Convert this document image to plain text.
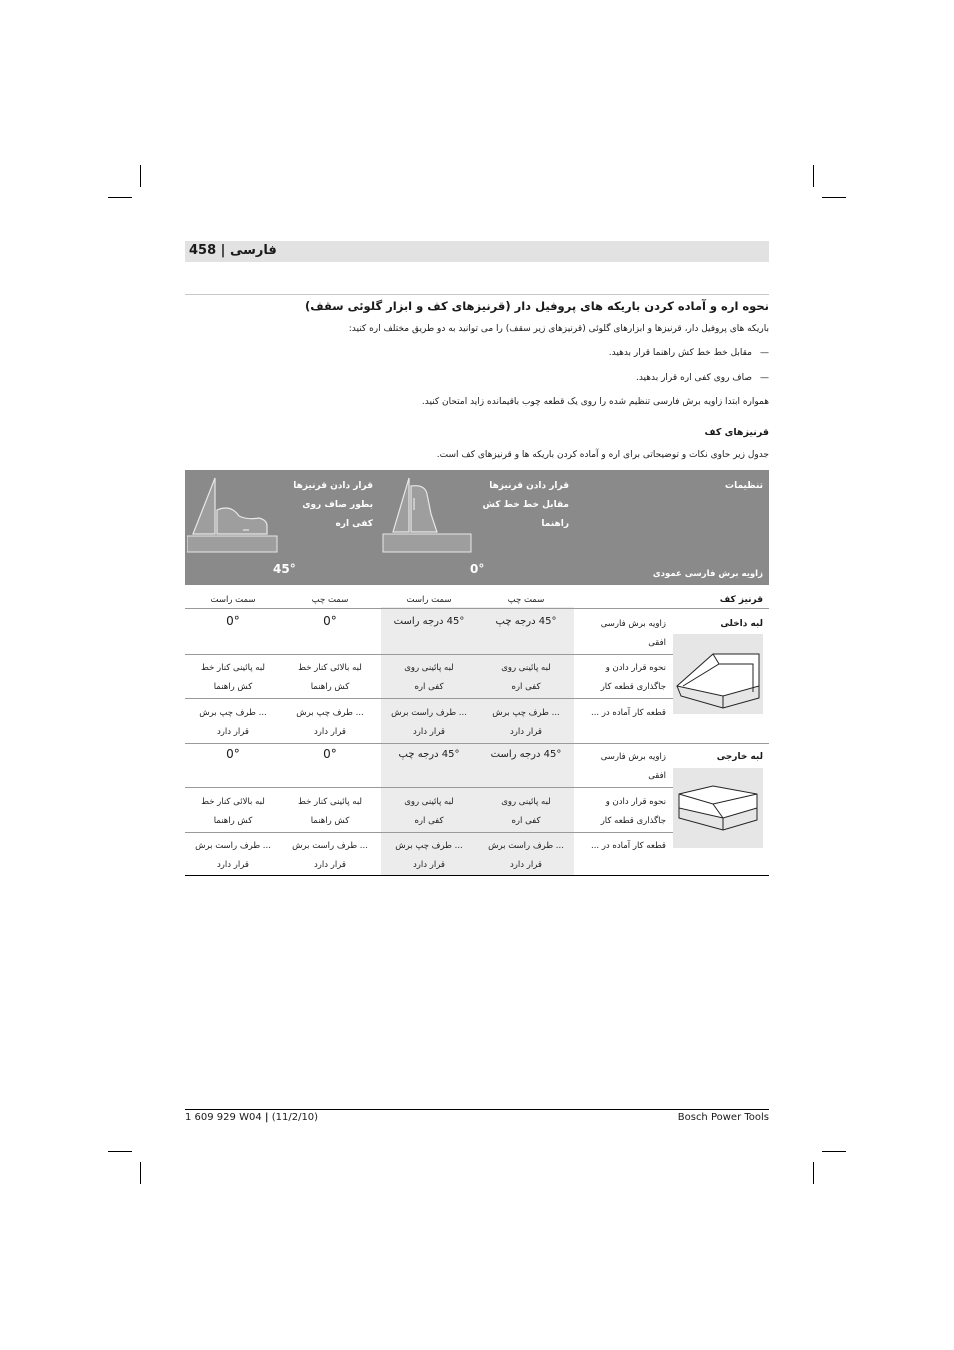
فارسی | 458
نحوه اره و آماده کردن باریکه های پروفیل دار (قرنیزهای کف و ابزار گلوئی سقف)
باریکه های پروفیل دار، قرنیزها و ابزارهای گلوئی (قرنیزهای زیر سقف) را می توانید به دو طریق مختلف اره کنید:
— مقابل خط خط کش راهنما قرار بدهید.
— صاف روی کفی اره قرار بدهید.
همواره ابتدا زاویه برش فارسی تنظیم شده را روی یک قطعه چوب باقیمانده زاید امتحان کنید.
قرنیزهای کف
جدول زیر حاوی نکات و توضیحاتی برای اره و آماده کردن باریکه ها و قرنیزهای کف است.
تنظیمات
زاویه برش فارسی عمودی
قرار دادن قرنیزها
مقابل خط خط کش
راهنما
0°
قرار دادن قرنیزها
بطور صاف روی
کفی اره
45°
قرنیز کف
سمت چپ
سمت راست
سمت چپ
سمت راست
لبه داخلی
زاویه برش فارسی
افقی
45° درجه چپ
45° درجه راست
0°
0°
نحوه قرار دادن و
جاگذاری قطعه کار
لبه پائینی روی
کفی اره
لبه پائینی روی
کفی اره
لبه بالائی کنار خط
کش راهنما
لبه پائینی کنار خط
کش راهنما
قطعه کار آماده در ...
... طرف چپ برش
قرار دارد
... طرف راست برش
قرار دارد
... طرف چپ برش
قرار دارد
... طرف چپ برش
قرار دارد
لبه خارجی
زاویه برش فارسی
افقی
45° درجه راست
45° درجه چپ
0°
0°
نحوه قرار دادن و
جاگذاری قطعه کار
لبه پائینی روی
کفی اره
لبه پائینی روی
کفی اره
لبه پائینی کنار خط
کش راهنما
لبه بالائی کنار خط
کش راهنما
قطعه کار آماده در ...
... طرف راست برش
قرار دارد
... طرف چپ برش
قرار دارد
... طرف راست برش
قرار دارد
... طرف راست برش
قرار دارد
1 609 929 W04 | (11/2/10)	Bosch Power Tools
